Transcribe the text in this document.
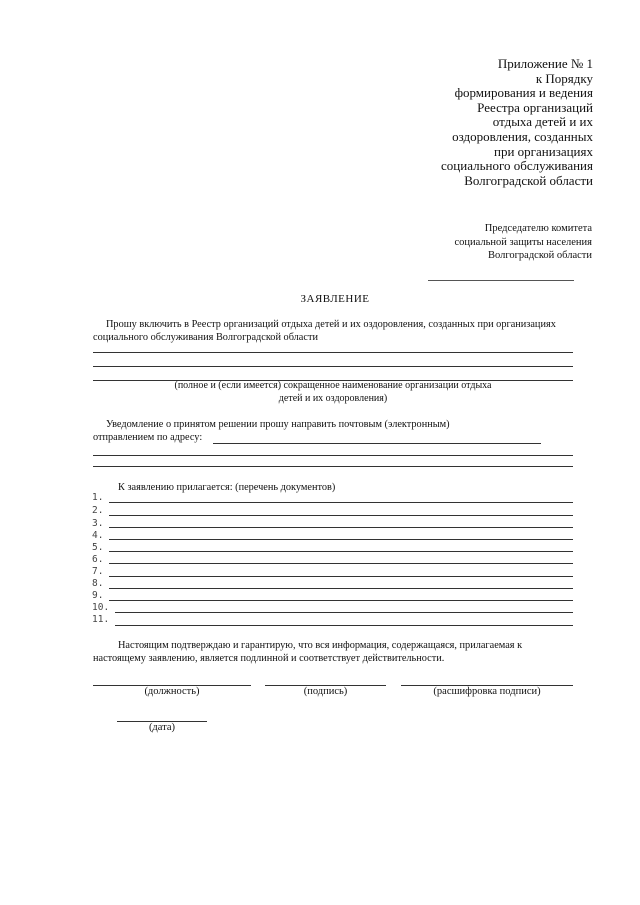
Приложение № 1
к Порядку
формирования и ведения
Реестра организаций
отдыха детей и их
оздоровления, созданных
при организациях
социального обслуживания
Волгоградской области
Председателю комитета
социальной защиты населения
Волгоградской области
ЗАЯВЛЕНИЕ
Прошу включить в Реестр организаций отдыха детей и их оздоровления, созданных при организациях
социального обслуживания Волгоградской области
(полное и (если имеется) сокращенное наименование организации отдыха
детей и их оздоровления)
Уведомление о принятом решении прошу направить почтовым (электронным)
отправлением по адресу:
К заявлению прилагается: (перечень документов)
1.
2.
3.
4.
5.
6.
7.
8.
9.
10.
11.
Настоящим подтверждаю и гарантирую, что вся информация, содержащаяся, прилагаемая к
настоящему заявлению, является подлинной и соответствует действительности.
(должность)	(подпись)	(расшифровка подписи)
(дата)
